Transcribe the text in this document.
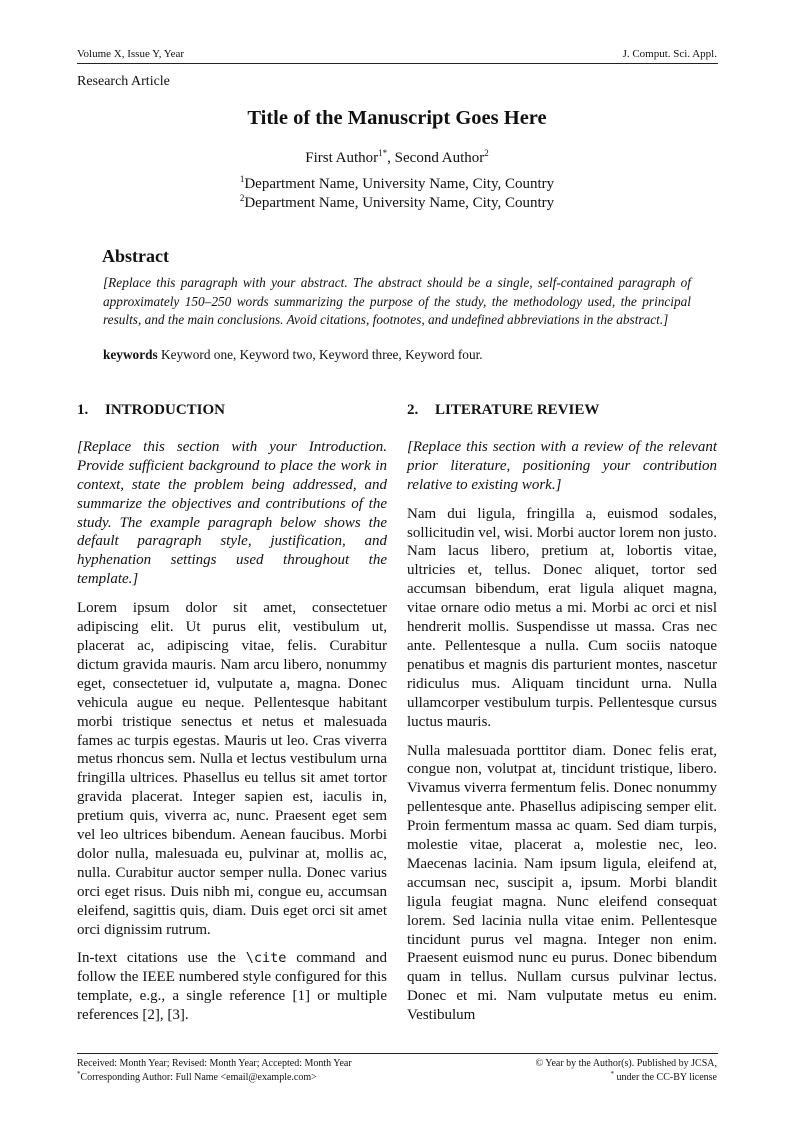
Volume X, Issue Y, Year	J. Comput. Sci. Appl.
Research Article
Title of the Manuscript Goes Here
First Author$^{1*}$, Second Author$^2$
$^1$Department Name, University Name, City, Country
$^2$Department Name, University Name, City, Country
Abstract
[Replace this paragraph with your abstract. The abstract should be a single, self-contained paragraph of approximately 150–250 words summarizing the purpose of the study, the methodology used, the principal results, and the main conclusions. Avoid citations, footnotes, and undefined abbreviations in the abstract.]
keywords Keyword one, Keyword two, Keyword three, Keyword four.
1. INTRODUCTION

[Replace this section with your Introduction. Provide sufficient background to place the work in context, state the problem being addressed, and summarize the objectives and contributions of the study. The example paragraph below shows the default paragraph style, justification, and hyphenation settings used throughout the template.]

Lorem ipsum dolor sit amet, consectetuer adipiscing elit. Ut purus elit, vestibulum ut, placerat ac, adipiscing vitae, felis. Curabitur dictum gravida mauris. Nam arcu libero, nonummy eget, consectetuer id, vulputate a, magna. Donec vehicula augue eu neque. Pellentesque habitant morbi tristique senectus et netus et malesuada fames ac turpis egestas. Mauris ut leo. Cras viverra metus rhoncus sem. Nulla et lectus vestibulum urna fringilla ultrices. Phasellus eu tellus sit amet tortor gravida placerat. Integer sapien est, iaculis in, pretium quis, viverra ac, nunc. Praesent eget sem vel leo ultrices bibendum. Aenean faucibus. Morbi dolor nulla, malesuada eu, pulvinar at, mollis ac, nulla. Curabitur auctor semper nulla. Donec varius orci eget risus. Duis nibh mi, congue eu, accumsan eleifend, sagittis quis, diam. Duis eget orci sit amet orci dignissim rutrum.

In-text citations use the \cite command and follow the IEEE numbered style configured for this template, e.g., a single reference [1] or multiple references [2], [3].

2. LITERATURE REVIEW

[Replace this section with a review of the relevant prior literature, positioning your contribution relative to existing work.]

Nam dui ligula, fringilla a, euismod sodales, sollicitudin vel, wisi. Morbi auctor lorem non justo. Nam lacus libero, pretium at, lobortis vitae, ultricies et, tellus. Donec aliquet, tortor sed accumsan bibendum, erat ligula aliquet magna, vitae ornare odio metus a mi. Morbi ac orci et nisl hendrerit mollis. Suspendisse ut massa. Cras nec ante. Pellentesque a nulla. Cum sociis natoque penatibus et magnis dis parturient montes, nascetur ridiculus mus. Aliquam tincidunt urna. Nulla ullamcorper vestibulum turpis. Pellentesque cursus luctus mauris.

Nulla malesuada porttitor diam. Donec felis erat, congue non, volutpat at, tincidunt tristique, libero. Vivamus viverra fermentum felis. Donec nonummy pellentesque ante. Phasellus adipiscing semper elit. Proin fermentum massa ac quam. Sed diam turpis, molestie vitae, placerat a, molestie nec, leo. Maecenas lacinia. Nam ipsum ligula, eleifend at, accumsan nec, suscipit a, ipsum. Morbi blandit ligula feugiat magna. Nunc eleifend consequat lorem. Sed lacinia nulla vitae enim. Pellentesque tincidunt purus vel magna. Integer non enim. Praesent euismod nunc eu purus. Donec bibendum quam in tellus. Nullam cursus pulvinar lectus. Donec et mi. Nam vulputate metus eu enim. Vestibulum

Received: Month Year; Revised: Month Year; Accepted: Month Year
*Corresponding Author: Full Name <email@example.com>
© Year by the Author(s). Published by JCSA,
* under the CC-BY license
